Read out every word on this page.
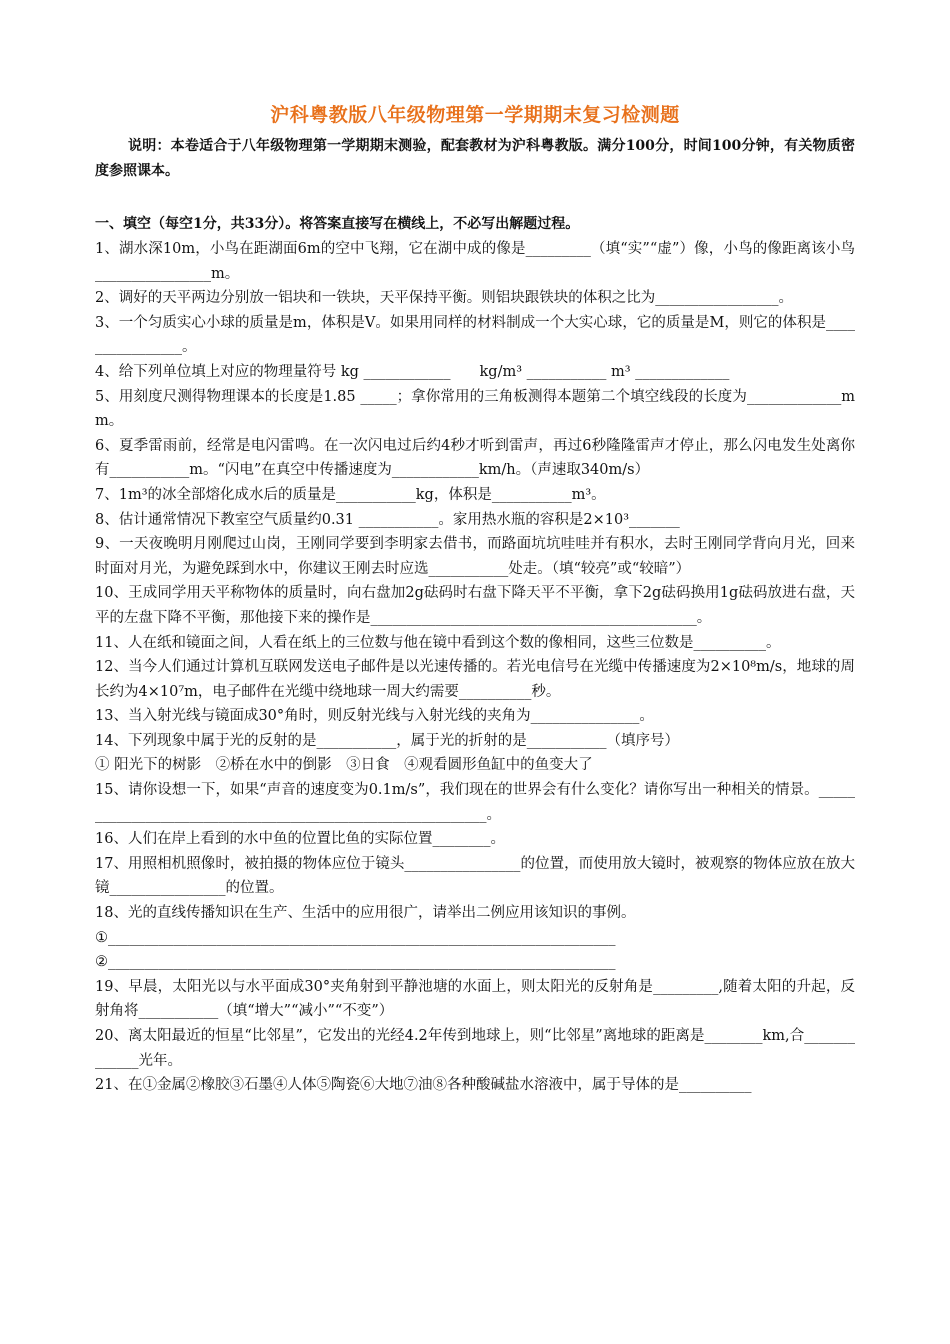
沪科粤教版八年级物理第一学期期末复习检测题

说明：本卷适合于八年级物理第一学期期末测验，配套教材为沪科粤教版。满分100分，时间100分钟，有关物质密度参照课本。

一、填空（每空1分，共33分）。将答案直接写在横线上，不必写出解题过程。

1、湖水深10m，小鸟在距湖面6m的空中飞翔，它在湖中成的像是_________（填“实”“虚”）像，小鸟的像距离该小鸟________________m。

2、调好的天平两边分别放一铝块和一铁块，天平保持平衡。则铝块跟铁块的体积之比为_________________。

3、一个匀质实心小球的质量是m，体积是V。如果用同样的材料制成一个大实心球，它的质量是M，则它的体积是________________。

4、给下列单位填上对应的物理量符号 kg ____________　　kg/m³ ___________ m³ _____________

5、用刻度尺测得物理课本的长度是1.85 _____；拿你常用的三角板测得本题第二个填空线段的长度为_____________mm。

6、夏季雷雨前，经常是电闪雷鸣。在一次闪电过后约4秒才听到雷声，再过6秒隆隆雷声才停止，那么闪电发生处离你有___________m。“闪电”在真空中传播速度为____________km/h。（声速取340m/s）

7、1m³的冰全部熔化成水后的质量是___________kg，体积是___________m³。

8、估计通常情况下教室空气质量约0.31 ___________。家用热水瓶的容积是2×10³_______

9、一天夜晚明月刚爬过山岗，王刚同学要到李明家去借书，而路面坑坑哇哇并有积水，去时王刚同学背向月光，回来时面对月光，为避免踩到水中，你建议王刚去时应选___________处走。（填“较亮”或“较暗”）

10、王成同学用天平称物体的质量时，向右盘加2g砝码时右盘下降天平不平衡，拿下2g砝码换用1g砝码放进右盘，天平的左盘下降不平衡，那他接下来的操作是_____________________________________________。

11、人在纸和镜面之间，人看在纸上的三位数与他在镜中看到这个数的像相同，这些三位数是__________。

12、当今人们通过计算机互联网发送电子邮件是以光速传播的。若光电信号在光缆中传播速度为2×10⁸m/s，地球的周长约为4×10⁷m，电子邮件在光缆中绕地球一周大约需要__________秒。

13、当入射光线与镜面成30°角时，则反射光线与入射光线的夹角为_______________。

14、下列现象中属于光的反射的是___________，属于光的折射的是___________（填序号）

① 阳光下的树影　②桥在水中的倒影　③日食　④观看圆形鱼缸中的鱼变大了

15、请你设想一下，如果“声音的速度变为0.1m/s”，我们现在的世界会有什么变化？请你写出一种相关的情景。___________________________________________________________。

16、人们在岸上看到的水中鱼的位置比鱼的实际位置________。

17、用照相机照像时，被拍摄的物体应位于镜头________________的位置，而使用放大镜时，被观察的物体应放在放大镜________________的位置。

18、光的直线传播知识在生产、生活中的应用很广，请举出二例应用该知识的事例。

①______________________________________________________________________

②______________________________________________________________________

19、早晨，太阳光以与水平面成30°夹角射到平静池塘的水面上，则太阳光的反射角是_________,随着太阳的升起，反射角将___________（填“增大”“减小”“不变”）

20、离太阳最近的恒星“比邻星”，它发出的光经4.2年传到地球上，则“比邻星”离地球的距离是________km,合_____________光年。

21、在①金属②橡胶③石墨④人体⑤陶瓷⑥大地⑦油⑧各种酸碱盐水溶液中，属于导体的是__________
